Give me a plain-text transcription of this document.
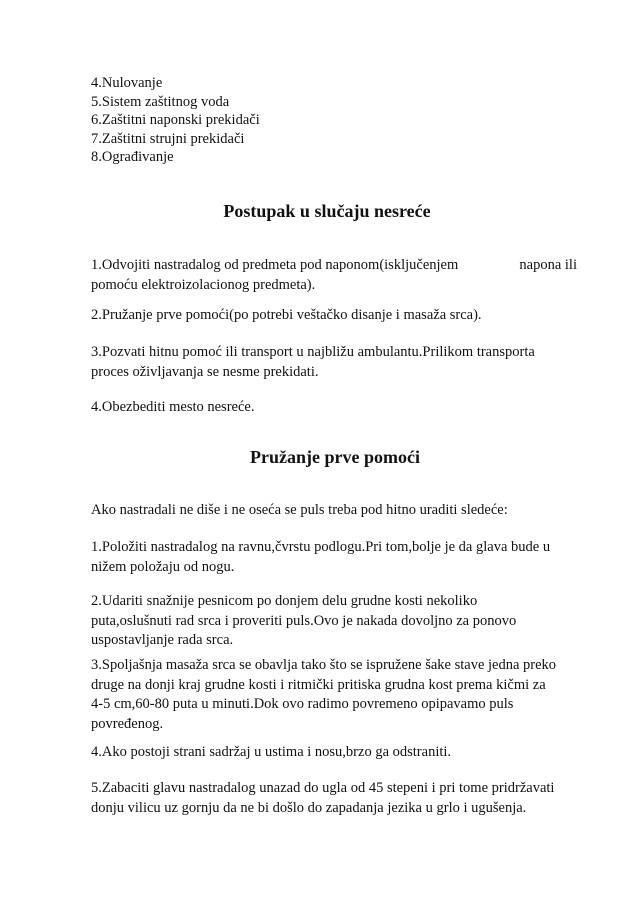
4.Nulovanje
5.Sistem zaštitnog voda
6.Zaštitni naponski prekidači
7.Zaštitni strujni prekidači
8.Ograđivanje
Postupak u slučaju nesreće
1.Odvojiti nastradalog od predmeta pod naponom(isključenjem	napona ili
pomoću elektroizolacionog predmeta).
2.Pružanje prve pomoći(po potrebi veštačko disanje i masaža srca).
3.Pozvati hitnu pomoć ili transport u najbližu ambulantu.Prilikom transporta
proces oživljavanja se nesme prekidati.
4.Obezbediti mesto nesreće.
Pružanje prve pomoći
Ako nastradali ne diše i ne oseća se puls treba pod hitno uraditi sledeće:
1.Položiti nastradalog na ravnu,čvrstu podlogu.Pri tom,bolje je da glava bude u
nižem položaju od nogu.
2.Udariti snažnije pesnicom po donjem delu grudne kosti nekoliko
puta,oslušnuti rad srca i proveriti puls.Ovo je nakada dovoljno za ponovo
uspostavljanje rada srca.
3.Spoljašnja masaža srca se obavlja tako što se ispružene šake stave jedna preko
druge na donji kraj grudne kosti i ritmički pritiska grudna kost prema kičmi za
4-5 cm,60-80 puta u minuti.Dok ovo radimo povremeno opipavamo puls
povređenog.
4.Ako postoji strani sadržaj u ustima i nosu,brzo ga odstraniti.
5.Zabaciti glavu nastradalog unazad do ugla od 45 stepeni i pri tome pridržavati
donju vilicu uz gornju da ne bi došlo do zapadanja jezika u grlo i ugušenja.
